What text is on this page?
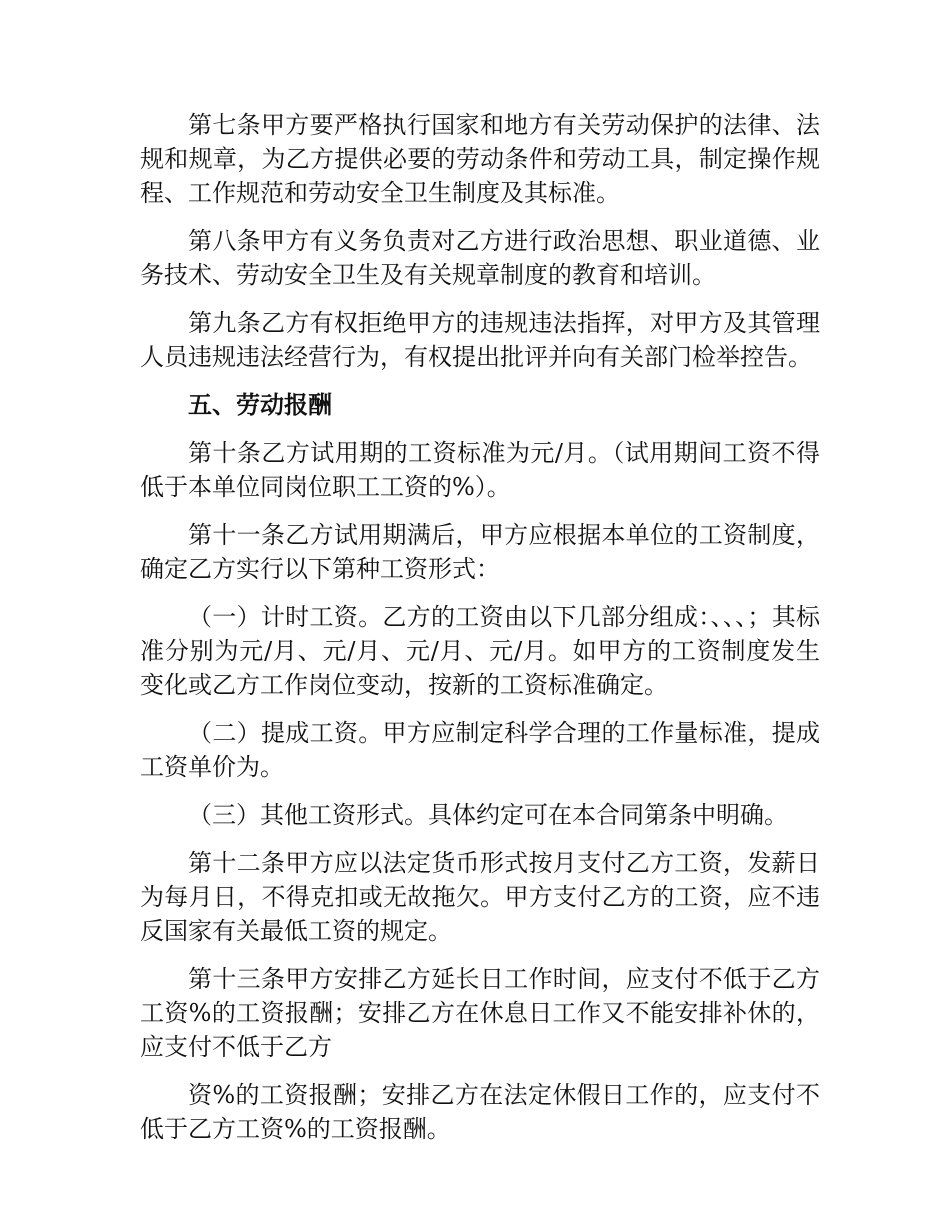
第七条甲方要严格执行国家和地方有关劳动保护的法律、法规和规章，为乙方提供必要的劳动条件和劳动工具，制定操作规程、工作规范和劳动安全卫生制度及其标准。

第八条甲方有义务负责对乙方进行政治思想、职业道德、业务技术、劳动安全卫生及有关规章制度的教育和培训。

第九条乙方有权拒绝甲方的违规违法指挥，对甲方及其管理人员违规违法经营行为，有权提出批评并向有关部门检举控告。

五、劳动报酬

第十条乙方试用期的工资标准为元/月。（试用期间工资不得低于本单位同岗位职工工资的%）。

第十一条乙方试用期满后，甲方应根据本单位的工资制度，确定乙方实行以下第种工资形式：

（一）计时工资。乙方的工资由以下几部分组成：、、、；其标准分别为元/月、元/月、元/月、元/月。如甲方的工资制度发生变化或乙方工作岗位变动，按新的工资标准确定。

（二）提成工资。甲方应制定科学合理的工作量标准，提成工资单价为。

（三）其他工资形式。具体约定可在本合同第条中明确。

第十二条甲方应以法定货币形式按月支付乙方工资，发薪日为每月日，不得克扣或无故拖欠。甲方支付乙方的工资，应不违反国家有关最低工资的规定。

第十三条甲方安排乙方延长日工作时间，应支付不低于乙方工资%的工资报酬；安排乙方在休息日工作又不能安排补休的，应支付不低于乙方

资%的工资报酬；安排乙方在法定休假日工作的，应支付不低于乙方工资%的工资报酬。
